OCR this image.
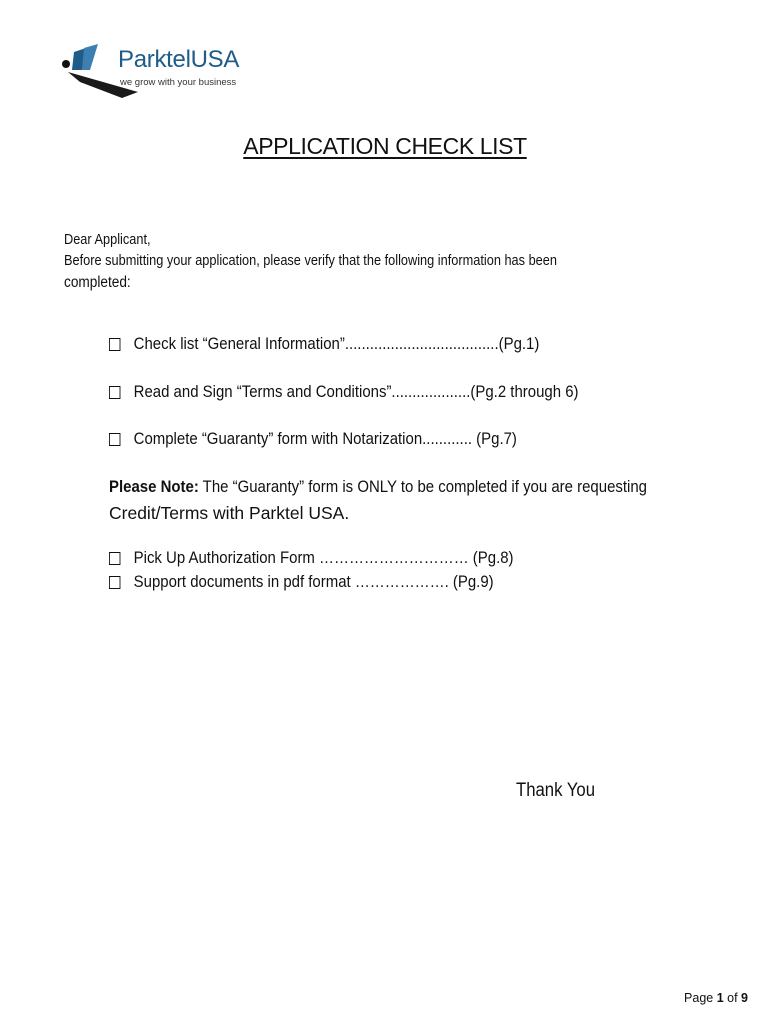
ParktelUSA
we grow with your business
APPLICATION CHECK LIST
Dear Applicant,
Before submitting your application, please verify that the following information has been
completed:
Check list “General Information”.....................................(Pg.1)
Read and Sign “Terms and Conditions”...................(Pg.2 through 6)
Complete “Guaranty” form with Notarization............ (Pg.7)
Please Note: The “Guaranty” form is ONLY to be completed if you are requesting
Credit/Terms with Parktel USA.
Pick Up Authorization Form ………………………… (Pg.8)
Support documents in pdf format ………………. (Pg.9)
Thank You
Page 1 of 9
